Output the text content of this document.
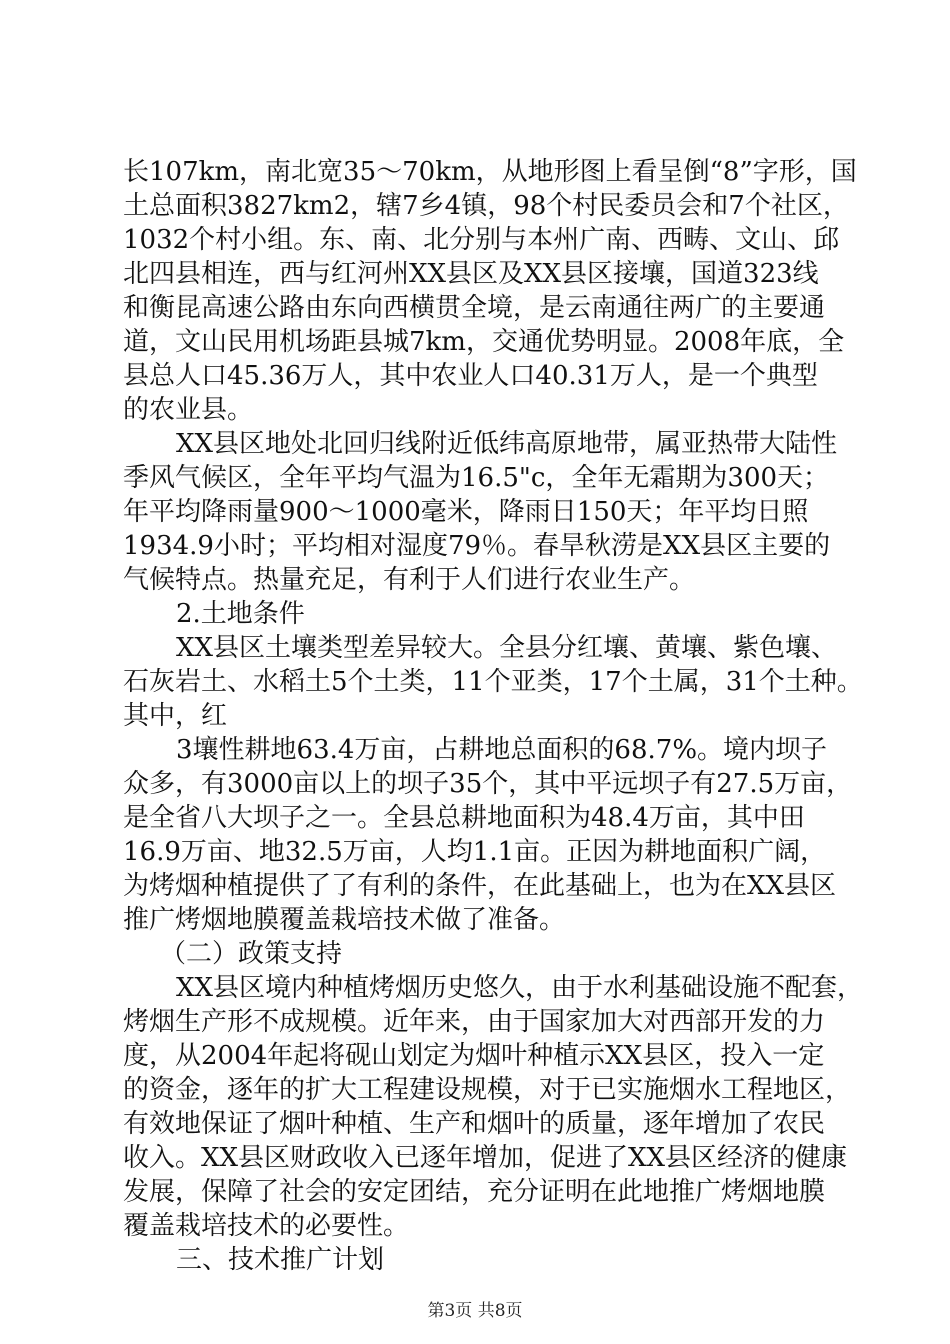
长107km，南北宽35～70km，从地形图上看呈倒“8”字形，国
土总面积3827km2，辖7乡4镇，98个村民委员会和7个社区，
1032个村小组。东、南、北分别与本州广南、西畴、文山、邱
北四县相连，西与红河州XX县区及XX县区接壤，国道323线
和衡昆高速公路由东向西横贯全境，是云南通往两广的主要通
道，文山民用机场距县城7km，交通优势明显。2008年底，全
县总人口45.36万人，其中农业人口40.31万人，是一个典型
的农业县。
XX县区地处北回归线附近低纬高原地带，属亚热带大陆性
季风气候区，全年平均气温为16.5"c，全年无霜期为300天；
年平均降雨量900～1000毫米，降雨日150天；年平均日照
1934.9小时；平均相对湿度79％。春旱秋涝是XX县区主要的
气候特点。热量充足，有利于人们进行农业生产。
2.土地条件
XX县区土壤类型差异较大。全县分红壤、黄壤、紫色壤、
石灰岩土、水稻土5个土类，11个亚类，17个土属，31个土种。
其中，红
3壤性耕地63.4万亩，占耕地总面积的68.7%。境内坝子
众多，有3000亩以上的坝子35个，其中平远坝子有27.5万亩，
是全省八大坝子之一。全县总耕地面积为48.4万亩，其中田
16.9万亩、地32.5万亩，人均1.1亩。正因为耕地面积广阔，
为烤烟种植提供了了有利的条件，在此基础上，也为在XX县区
推广烤烟地膜覆盖栽培技术做了准备。
（二）政策支持
XX县区境内种植烤烟历史悠久，由于水利基础设施不配套，
烤烟生产形不成规模。近年来，由于国家加大对西部开发的力
度，从2004年起将砚山划定为烟叶种植示XX县区，投入一定
的资金，逐年的扩大工程建设规模，对于已实施烟水工程地区，
有效地保证了烟叶种植、生产和烟叶的质量，逐年增加了农民
收入。XX县区财政收入已逐年增加，促进了XX县区经济的健康
发展，保障了社会的安定团结，充分证明在此地推广烤烟地膜
覆盖栽培技术的必要性。
三、技术推广计划
第3页 共8页
